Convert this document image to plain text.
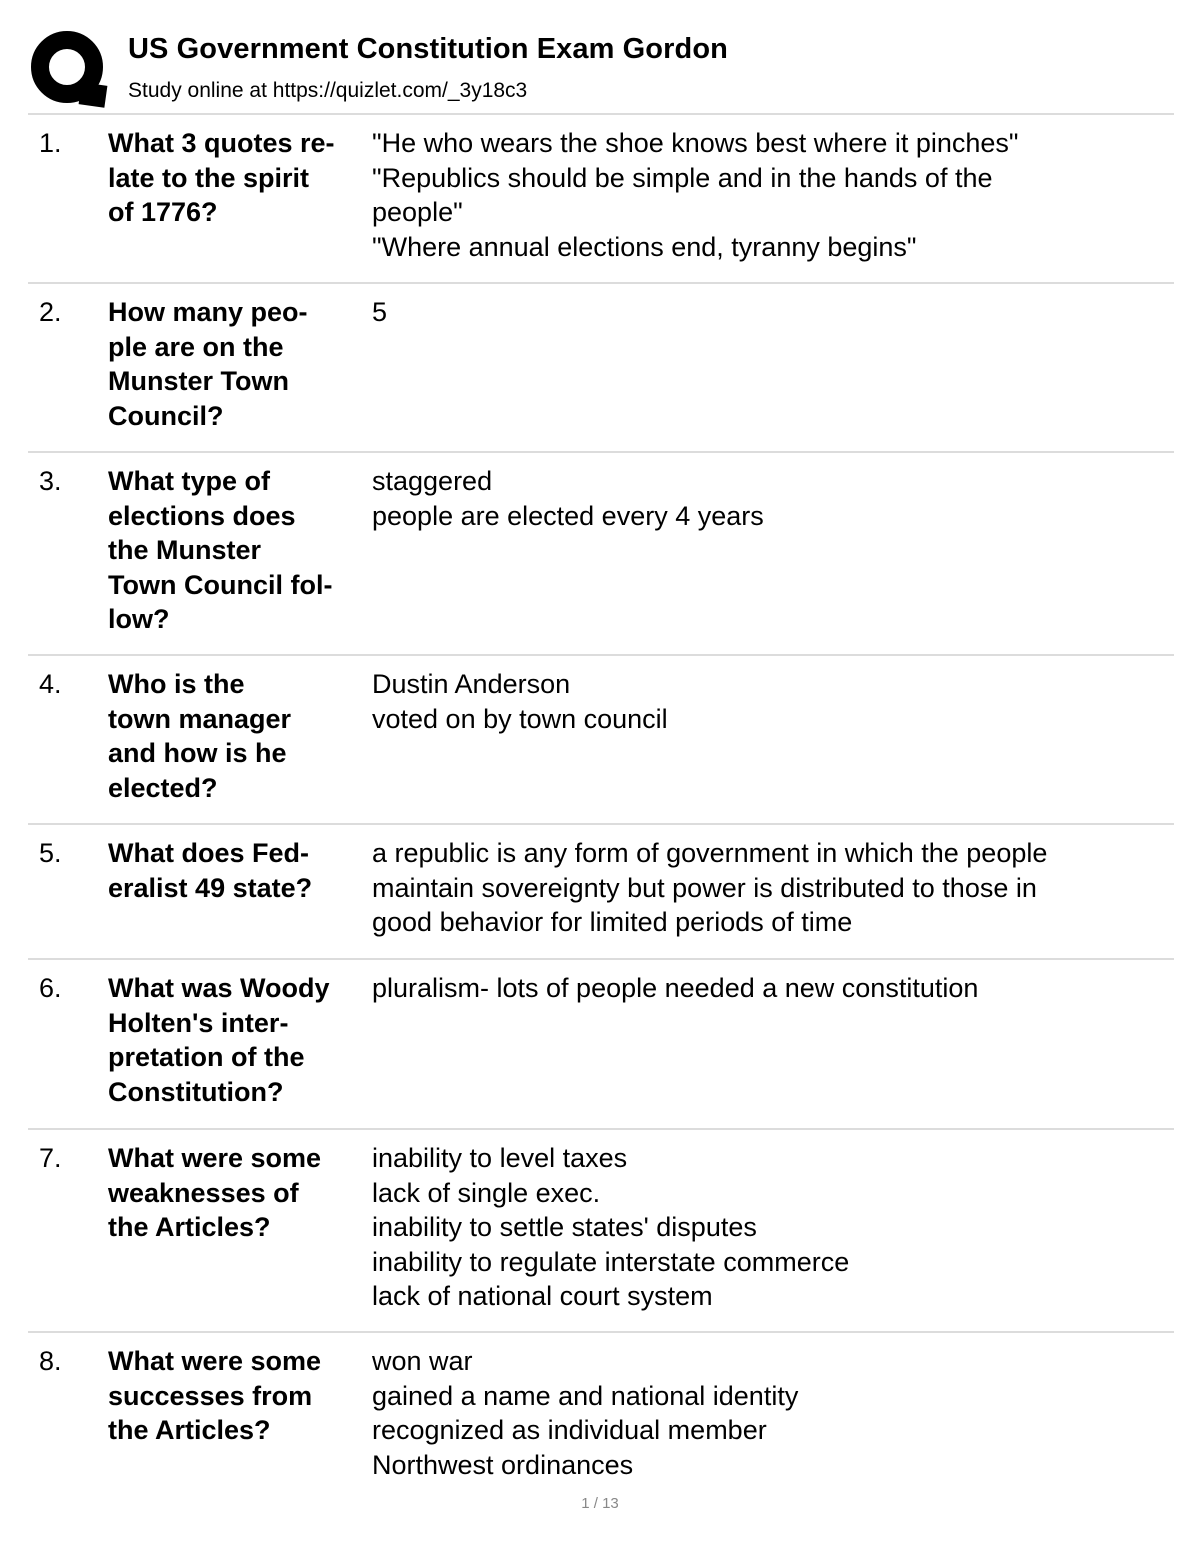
US Government Constitution Exam Gordon
Study online at https://quizlet.com/_3y18c3
1. What 3 quotes re-
late to the spirit
of 1776?
"He who wears the shoe knows best where it pinches"
"Republics should be simple and in the hands of the
people"
"Where annual elections end, tyranny begins"
2. How many peo-
ple are on the
Munster Town
Council?
5
3. What type of
elections does
the Munster
Town Council fol-
low?
staggered
people are elected every 4 years
4. Who is the
town manager
and how is he
elected?
Dustin Anderson
voted on by town council
5. What does Fed-
eralist 49 state?
a republic is any form of government in which the people
maintain sovereignty but power is distributed to those in
good behavior for limited periods of time
6. What was Woody
Holten's inter-
pretation of the
Constitution?
pluralism- lots of people needed a new constitution
7. What were some
weaknesses of
the Articles?
inability to level taxes
lack of single exec.
inability to settle states' disputes
inability to regulate interstate commerce
lack of national court system
8. What were some
successes from
the Articles?
won war
gained a name and national identity
recognized as individual member
Northwest ordinances
1 / 13
